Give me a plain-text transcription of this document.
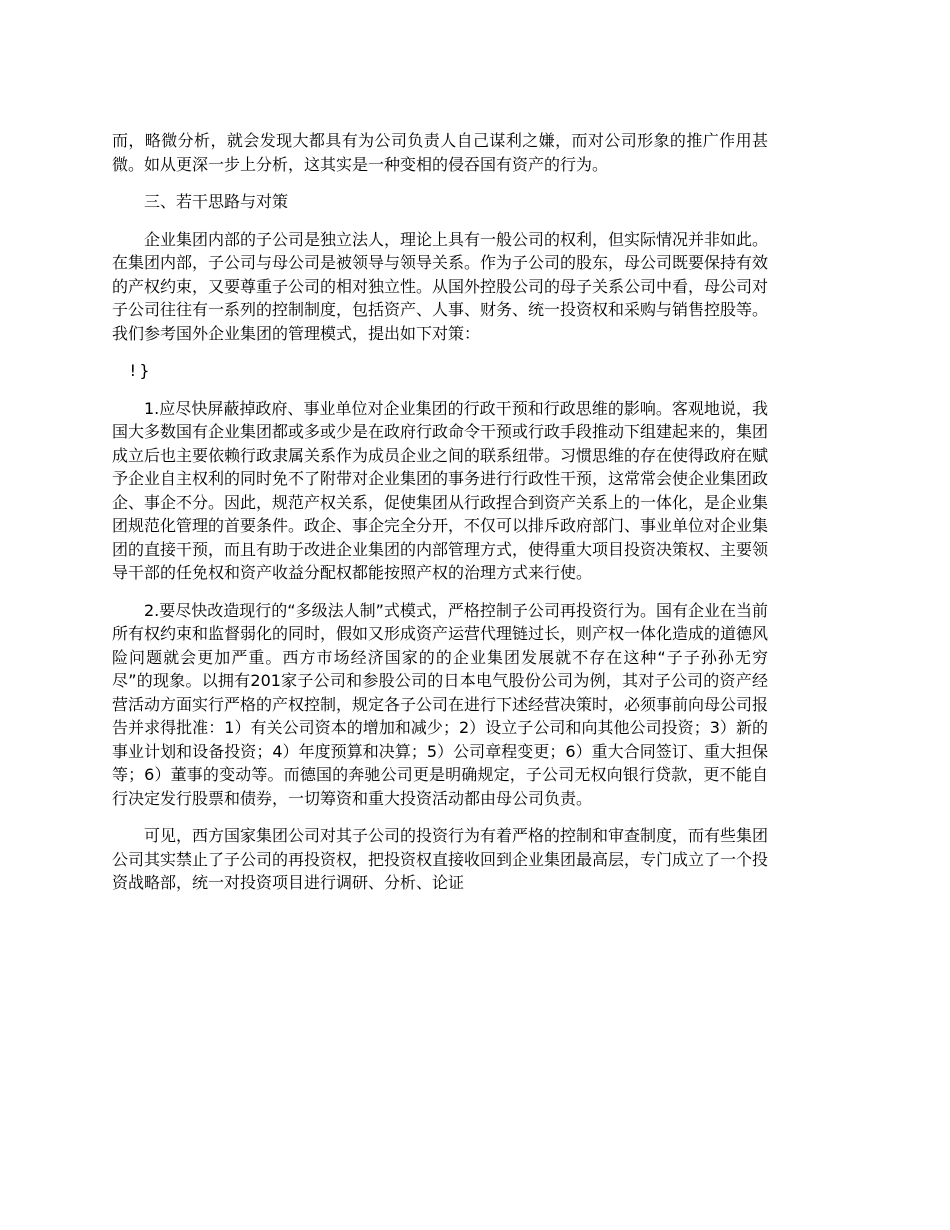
而，略微分析，就会发现大都具有为公司负责人自己谋利之嫌，而对公司形象的推广作用甚微。如从更深一步上分析，这其实是一种变相的侵吞国有资产的行为。

三、若干思路与对策

企业集团内部的子公司是独立法人，理论上具有一般公司的权利，但实际情况并非如此。在集团内部，子公司与母公司是被领导与领导关系。作为子公司的股东，母公司既要保持有效的产权约束，又要尊重子公司的相对独立性。从国外控股公司的母子关系公司中看，母公司对子公司往往有一系列的控制制度，包括资产、人事、财务、统一投资权和采购与销售控股等。我们参考国外企业集团的管理模式，提出如下对策：

!}

1.应尽快屏蔽掉政府、事业单位对企业集团的行政干预和行政思维的影响。客观地说，我国大多数国有企业集团都或多或少是在政府行政命令干预或行政手段推动下组建起来的，集团成立后也主要依赖行政隶属关系作为成员企业之间的联系纽带。习惯思维的存在使得政府在赋予企业自主权利的同时免不了附带对企业集团的事务进行行政性干预，这常常会使企业集团政企、事企不分。因此，规范产权关系，促使集团从行政捏合到资产关系上的一体化，是企业集团规范化管理的首要条件。政企、事企完全分开，不仅可以排斥政府部门、事业单位对企业集团的直接干预，而且有助于改进企业集团的内部管理方式，使得重大项目投资决策权、主要领导干部的任免权和资产收益分配权都能按照产权的治理方式来行使。

2.要尽快改造现行的“多级法人制”式模式，严格控制子公司再投资行为。国有企业在当前所有权约束和监督弱化的同时，假如又形成资产运营代理链过长，则产权一体化造成的道德风险问题就会更加严重。西方市场经济国家的的企业集团发展就不存在这种“子子孙孙无穷尽”的现象。以拥有201家子公司和参股公司的日本电气股份公司为例，其对子公司的资产经营活动方面实行严格的产权控制，规定各子公司在进行下述经营决策时，必须事前向母公司报告并求得批准：1）有关公司资本的增加和减少；2）设立子公司和向其他公司投资；3）新的事业计划和设备投资；4）年度预算和决算；5）公司章程变更；6）重大合同签订、重大担保等；6）董事的变动等。而德国的奔驰公司更是明确规定，子公司无权向银行贷款，更不能自行决定发行股票和债券，一切筹资和重大投资活动都由母公司负责。

可见，西方国家集团公司对其子公司的投资行为有着严格的控制和审查制度，而有些集团公司其实禁止了子公司的再投资权，把投资权直接收回到企业集团最高层，专门成立了一个投资战略部，统一对投资项目进行调研、分析、论证
